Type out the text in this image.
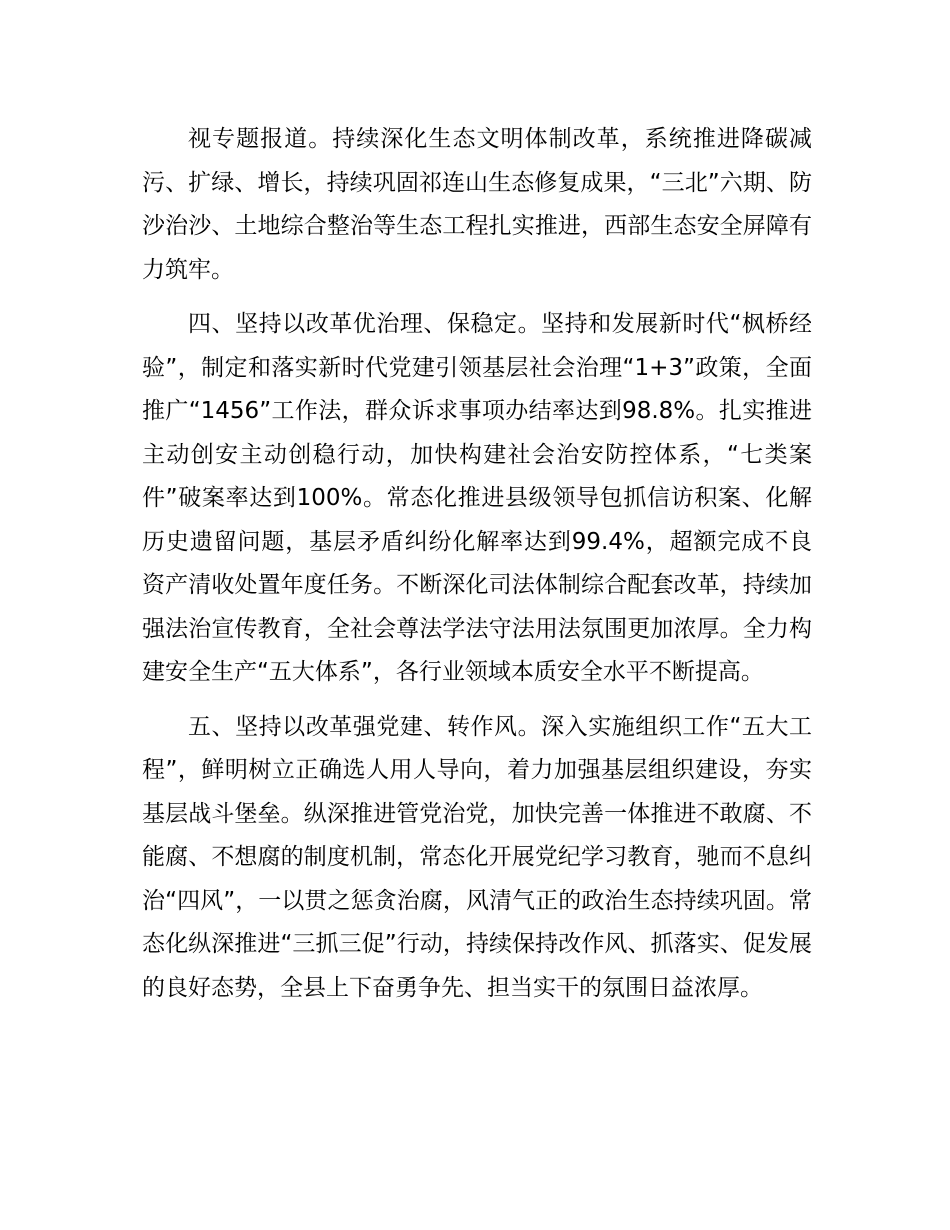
视专题报道。持续深化生态文明体制改革，系统推进降碳减污、扩绿、增长，持续巩固祁连山生态修复成果，“三北”六期、防沙治沙、土地综合整治等生态工程扎实推进，西部生态安全屏障有力筑牢。

四、坚持以改革优治理、保稳定。坚持和发展新时代“枫桥经验”，制定和落实新时代党建引领基层社会治理“1+3”政策，全面推广“1456”工作法，群众诉求事项办结率达到98.8%。扎实推进主动创安主动创稳行动，加快构建社会治安防控体系，“七类案件”破案率达到100%。常态化推进县级领导包抓信访积案、化解历史遗留问题，基层矛盾纠纷化解率达到99.4%，超额完成不良资产清收处置年度任务。不断深化司法体制综合配套改革，持续加强法治宣传教育，全社会尊法学法守法用法氛围更加浓厚。全力构建安全生产“五大体系”，各行业领域本质安全水平不断提高。

五、坚持以改革强党建、转作风。深入实施组织工作“五大工程”，鲜明树立正确选人用人导向，着力加强基层组织建设，夯实基层战斗堡垒。纵深推进管党治党，加快完善一体推进不敢腐、不能腐、不想腐的制度机制，常态化开展党纪学习教育，驰而不息纠治“四风”，一以贯之惩贪治腐，风清气正的政治生态持续巩固。常态化纵深推进“三抓三促”行动，持续保持改作风、抓落实、促发展的良好态势，全县上下奋勇争先、担当实干的氛围日益浓厚。
